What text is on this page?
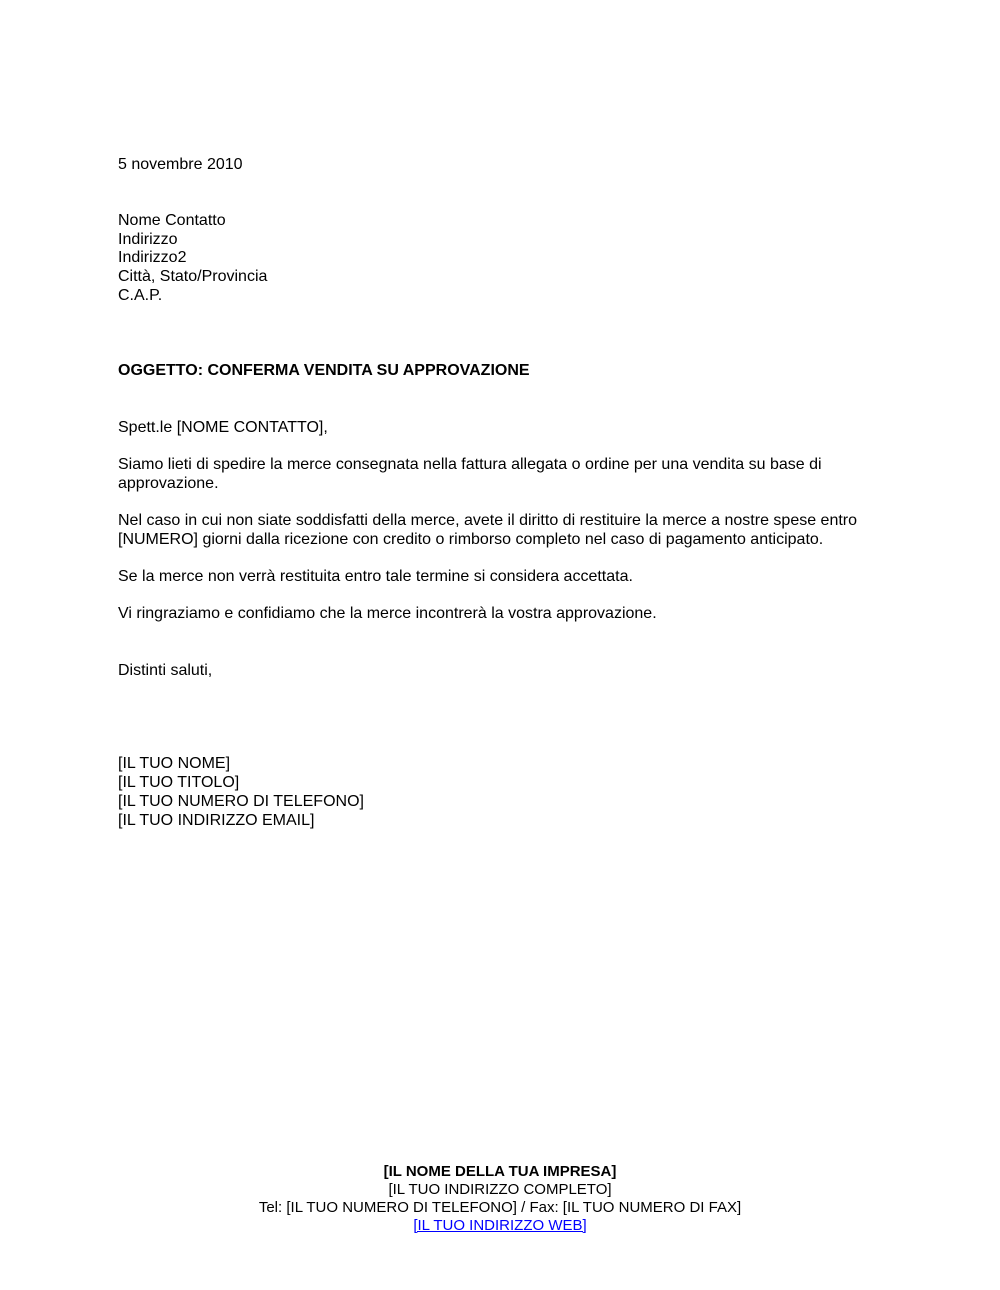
5 novembre 2010
Nome Contatto
Indirizzo
Indirizzo2
Città, Stato/Provincia
C.A.P.
OGGETTO: CONFERMA VENDITA SU APPROVAZIONE
Spett.le [NOME CONTATTO],
Siamo lieti di spedire la merce consegnata nella fattura allegata o ordine per una vendita su base di
approvazione.
Nel caso in cui non siate soddisfatti della merce, avete il diritto di restituire la merce a nostre spese entro
[NUMERO] giorni dalla ricezione con credito o rimborso completo nel caso di pagamento anticipato.
Se la merce non verrà restituita entro tale termine si considera accettata.
Vi ringraziamo e confidiamo che la merce incontrerà la vostra approvazione.
Distinti saluti,
[IL TUO NOME]
[IL TUO TITOLO]
[IL TUO NUMERO DI TELEFONO]
[IL TUO INDIRIZZO EMAIL]
[IL NOME DELLA TUA IMPRESA]
[IL TUO INDIRIZZO COMPLETO]
Tel: [IL TUO NUMERO DI TELEFONO] / Fax: [IL TUO NUMERO DI FAX]
[IL TUO INDIRIZZO WEB]
